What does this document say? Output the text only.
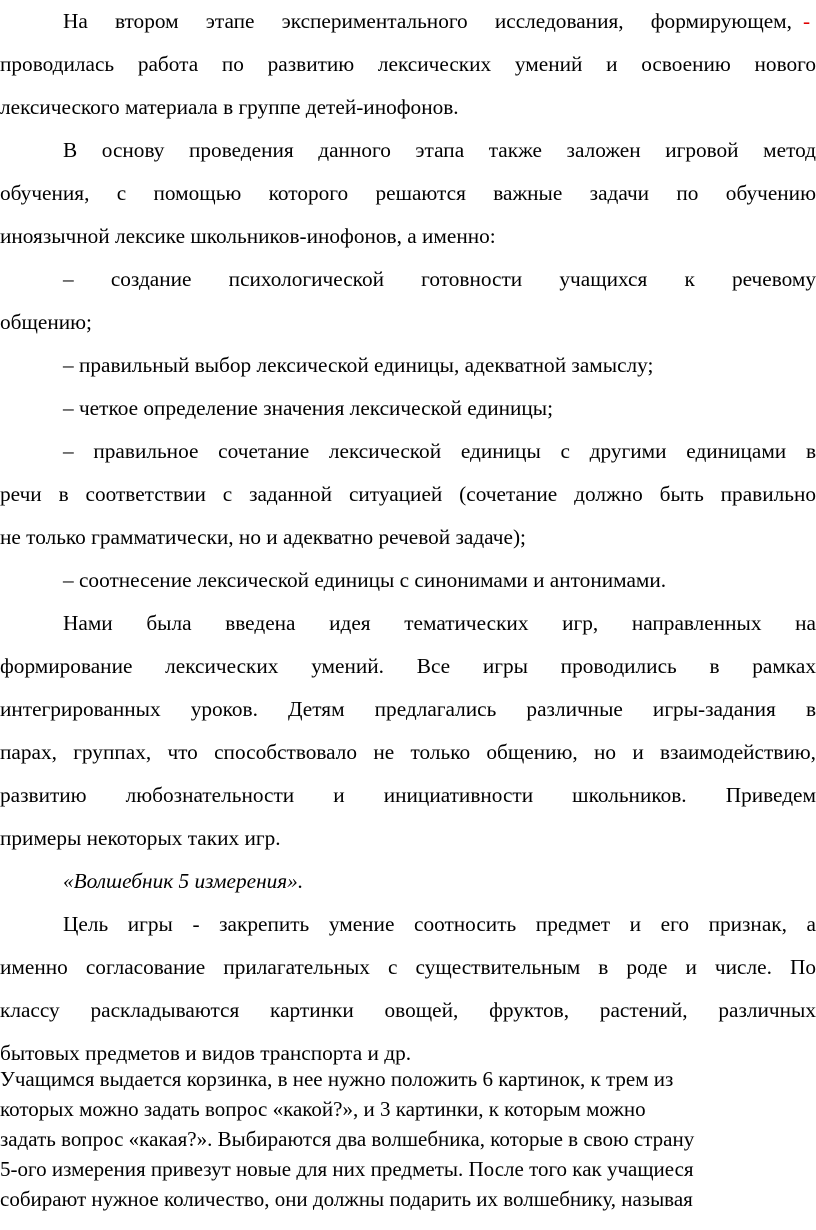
На втором этапе экспериментального исследования, формирующем, -
проводилась работа по развитию лексических умений и освоению нового
лексического материала в группе детей-инофонов.
В основу проведения данного этапа также заложен игровой метод
обучения, с помощью которого решаются важные задачи по обучению
иноязычной лексике школьников-инофонов, а именно:
– создание психологической готовности учащихся к речевому
общению;
– правильный выбор лексической единицы, адекватной замыслу;
– четкое определение значения лексической единицы;
– правильное сочетание лексической единицы с другими единицами в
речи в соответствии с заданной ситуацией (сочетание должно быть правильно
не только грамматически, но и адекватно речевой задаче);
– соотнесение лексической единицы с синонимами и антонимами.
Нами была введена идея тематических игр, направленных на
формирование лексических умений. Все игры проводились в рамках
интегрированных уроков. Детям предлагались различные игры-задания в
парах, группах, что способствовало не только общению, но и взаимодействию,
развитию любознательности и инициативности школьников. Приведем
примеры некоторых таких игр.
«Волшебник 5 измерения».
Цель игры - закрепить умение соотносить предмет и его признак, а
именно согласование прилагательных с существительным в роде и числе. По
классу раскладываются картинки овощей, фруктов, растений, различных
бытовых предметов и видов транспорта и др.
Учащимся выдается корзинка, в нее нужно положить 6 картинок, к трем из
которых можно задать вопрос «какой?», и 3 картинки, к которым можно
задать вопрос «какая?». Выбираются два волшебника, которые в свою страну
5-ого измерения привезут новые для них предметы. После того как учащиеся
собирают нужное количество, они должны подарить их волшебнику, называя
